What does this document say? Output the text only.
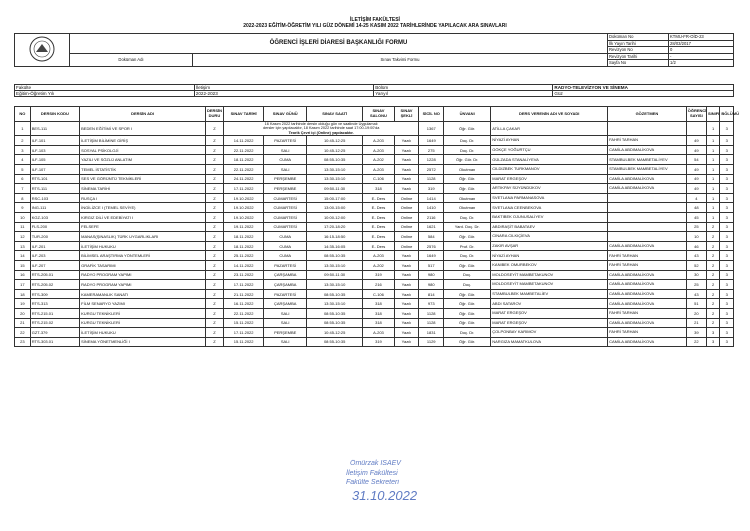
İLETİŞİM FAKÜLTESİ
2022-2023 EĞİTİM-ÖĞRETİM YILI GÜZ DÖNEMİ 14-25 KASIM 2022 TARİHLERİNDE YAPILACAK ARA SINAVLARI
	ÖĞRENCİ İŞLERİ DİARESİ BAŞKANLIĞI FORMU		Doküman No	KTMU-FR-OİD-23
			İlk Yayın Tarihi	28/03/2017
			Revizyon No	0
	Doküman Adı	Sınav Takvimi Formu	Revizyon Tarihi	-
			Sayfa No	1/2
Fakülte	İletişim	Bölüm	RADYO-TELEVİZYON VE SİNEMA
Eğitim-Öğretim Yılı	2022-2023	Yarıyıl	Güz
NO	DERSIN KODU	DERSİN ADI	DERSİN DURU	SINAV TARİHİ	SINAV GÜNÜ	SINAV SAATİ	SINAV SALONU	SINAV ŞEKLİ	SİCİL NO	ÜNVANI	DERS VERENİN ADI VE SOYADI	GÖZETMEN	ÖĞRENCİ SAYISI	SINIFI	BÖLÜMÜ
1	BES-111	BEDEN EĞİTİMİ VE SPOR I	Z	16 Kasım 2022 tarihinde dersin olduğu gün ve saatinde Uygulamalı
dersler için yapılacaktır, 18 Kasım 2022 tarihinde saat 17:00-19:00'da
Teorik Çevri içi (Online) yapılacaktır.					1367	Öğr. Gör.	ATİLLA ÇAKAR			1	3
2	ILF-101	İLETİŞİM BİLİMİNE GİRİŞ	Z	14.11.2022	PAZARTESİ	10:45-12:25	A-203	Yazılı	1649	Doç. Dr.	NİYAZİ AYHAN	FAHRİ TARHAN	49	1	3
3	ILF-103	SOSYAL PSİKOLOJİ	Z	22.11.2022	SALI	10:45-12:25	A-203	Yazılı	275	Doç. Dr.	GÖKÇE YOĞURTÇU	CAMİLA ABDIMALİKOVA	49	1	3
4	ILF-105	YAZILI VE SÖZLÜ ANLATIM	Z	18.11.2022	CUMA	08:55-10:35	A-202	Yazılı	1228	Öğr. Gör. Dr.	GÜLZADA STANALİYEVA	STAMBULBEK MAMBETALİYEV	54	1	3
5	ILF-107	TEMEL İSTATİSTİK	Z	22.11.2022	SALI	13:30-15:10	A-203	Yazılı	2572	Okutman	CILDIZBEK TURKMANOV	STAMBULBEK MAMBETALİYEV	49	1	3
6	RTS-101	SES VE GÖRÜNTÜ TEKNİKLERİ	Z	24.11.2022	PERŞEMBE	13:30-15:10	C-106	Yazılı	1128	Öğr. Gör.	MARAT ERGEŞOV	CAMİLA ABDIMALİKOVA	49	1	3
7	RTS-111	SİNEMA TARİHİ	Z	17.11.2022	PERŞEMBE	09:50-11:30	318	Yazılı	319	Öğr. Gör.	ARTIKPAY SÜYÜNDÜKOV	CAMİLA ABDIMALİKOVA	49	1	3
8	RSC-103	RUSÇA I	Z	19.10.2022	CUMARTESİ	15:00-17:00	E- Ders	Online	1414	Okutman	SVETLANA PARMANASOVA		4	1	3
9	ING-111	İNGİLİZCE I (TEMEL SEVİYE)	Z	19.10.2022	CUMARTESİ	13:00-15:00	E- Ders	Online	1410	Okutman	SVETLANA CEENBEKOVA		48	1	3
10	KGZ-103	KIRGIZ DİLİ VE EDEBİYATI I	Z	19.10.2022	CUMARTESİ	10:00-12:00	E- Ders	Online	2116	Doç. Dr.	BAKTIBEK OJUNUSALİYEV		45	1	3
11	FLS-200	FELSEFE	Z	19.11.2022	CUMARTESİ	17:20-18:20	E- Ders	Online	1621	Yard. Doç. Dr.	ABDIRAŞİT BABATAEV		25	2	3
12	TUR-200	MANAS(ŞINASLIK) TÜRK UYGARLIKLARI	Z	18.11.2022	CUMA	16:15-18:50	E- Ders	Online	584	Öğr. Gör.	CINARA CILKIÇİEVA		10	2	3
13	ILF-201	İLETİŞİM HUKUKU	Z	18.11.2022	CUMA	14:35-16:05	E- Ders	Online	2576	Prof. Dr.	ZAKIR AVŞAR	CAMİLA ABDIMALİKOVA	46	2	3
14	ILF-203	BİLİMSEL ARAŞTIRMA YÖNTEMLERİ	Z	25.11.2022	CUMA	08:55-10:35	A-203	Yazılı	1649	Doç. Dr.	NİYAZİ AYHAN	FAHRİ TARHAN	43	2	3
15	ILF-207	GRAFİK TASARIMI	Z	14.11.2022	PAZARTESİ	13:30-15:10	A-202	Yazılı	517	Öğr. Gör.	KANIBEK OMURBEKOV	FAHRİ TARHAN	52	2	3
16	RTS-205.01	RADYO PROGRAM YAPIMI	Z	23.11.2022	ÇARŞAMBA	09:50-11:30	319	Yazılı	980	Doç.	MOLDOSEYİT MAMBETAKUNOV	CAMİLA ABDIMALİKOVA	30	2	3
17	RTS-205.02	RADYO PROGRAM YAPIMI	Z	17.11.2022	ÇARŞAMBA	13:30-15:10	216	Yazılı	980	Doç.	MOLDOSEYİT MAMBETAKUNOV	CAMİLA ABDIMALİKOVA	25	2	3
18	RTS-309	KAMERAMANLIK SANATI	Z	21.11.2022	PAZARTESİ	08:55-10:35	C-106	Yazılı	814	Öğr. Gör.	STAMBULBEK MAMBETALİEV	CAMİLA ABDIMALİKOVA	43	2	3
19	RTS-313	FİLM SENARYO YAZIMI	Z	16.11.2022	ÇARŞAMBA	13:30-15:10	318	Yazılı	973	Öğr. Gör.	ABDI SATAROV	CAMİLA ABDIMALİKOVA	51	2	3
20	RTS-215.01	KURGU TEKNİKLERİ	Z	22.11.2022	SALI	08:55-10:35	318	Yazılı	1128	Öğr. Gör.	MARAT ERGEŞOV	FAHRİ TARHAN	20	2	3
21	RTS-215.02	KURGU TEKNİKLERİ	Z	15.11.2022	SALI	08:55-10:35	318	Yazılı	1128	Öğr. Gör.	MARAT ERGEŞOV	CAMİLA ABDIMALİKOVA	21	2	3
22	GZT-379	İLETİŞİM HUKUKU	Z	17.11.2022	PERŞEMBE	10:45-12:25	A-203	Yazılı	1831	Doç. Dr.	ÇOLPONBAY KARIMOV	FAHRİ TARHAN	39	3	3
23	RTS-303.01	SİNEMA YÖNETMENLİĞİ I	Z	15.11.2022	SALI	08:55-10:35	319	Yazılı	1129	Öğr. Gör.	NARGIZA MAMATKULOVA	CAMİLA ABDIMALİKOVA	22	3	3
Ömürzak ISAEV
İletişim Fakültesi
Fakülte Sekreteri
31.10.2022
